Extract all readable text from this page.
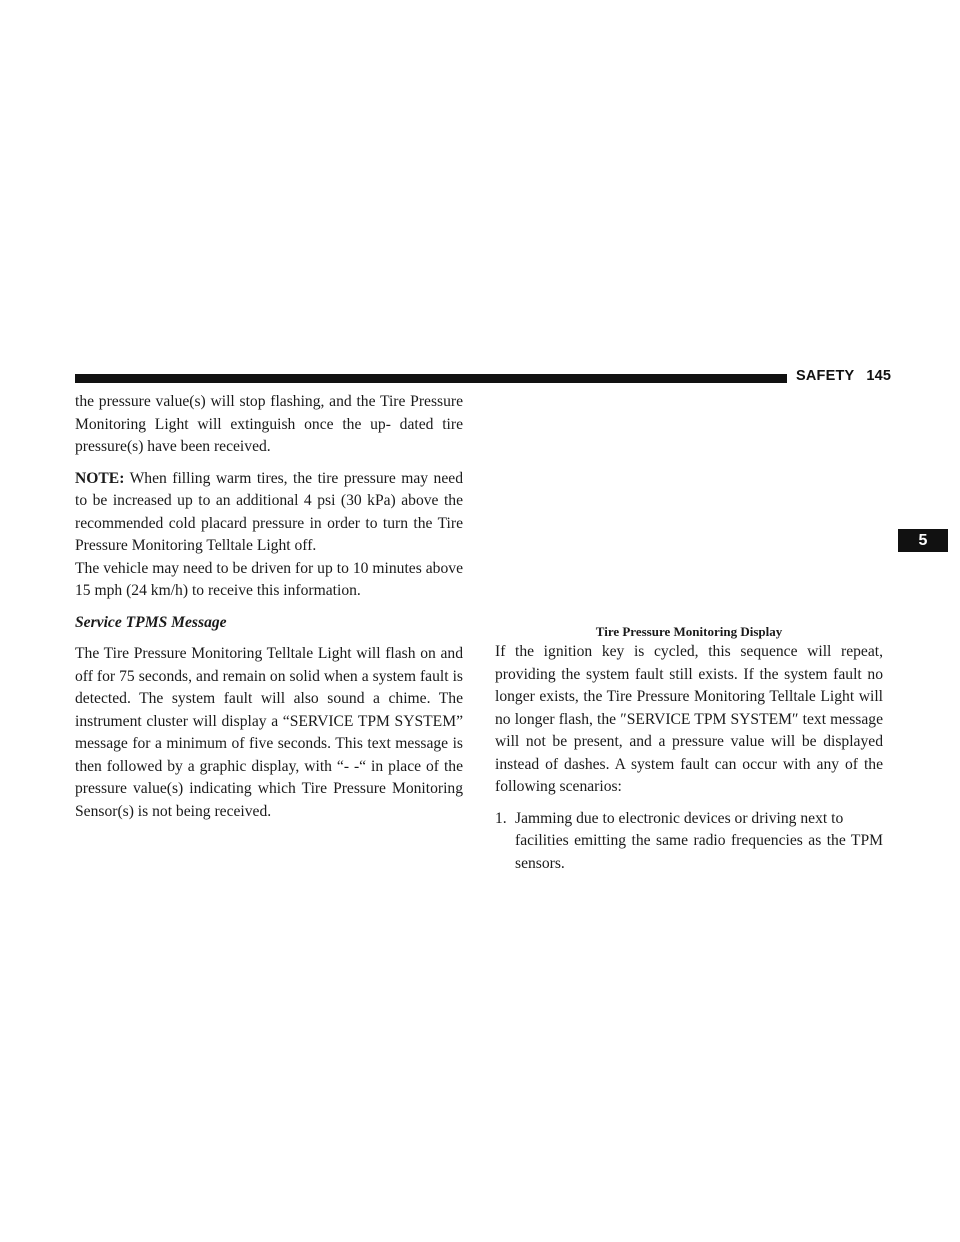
SAFETY 145
5

the pressure value(s) will stop flashing, and the Tire Pressure Monitoring Light will extinguish once the up- dated tire pressure(s) have been received.

NOTE: When filling warm tires, the tire pressure may need to be increased up to an additional 4 psi (30 kPa) above the recommended cold placard pressure in order to turn the Tire Pressure Monitoring Telltale Light off.

The vehicle may need to be driven for up to 10 minutes above 15 mph (24 km/h) to receive this information.

Service TPMS Message

The Tire Pressure Monitoring Telltale Light will flash on and off for 75 seconds, and remain on solid when a system fault is detected. The system fault will also sound a chime. The instrument cluster will display a “SERVICE TPM SYSTEM” message for a minimum of five seconds. This text message is then followed by a graphic display, with “- -“ in place of the pressure value(s) indicating which Tire Pressure Monitoring Sensor(s) is not being received.

Tire Pressure Monitoring Display

If the ignition key is cycled, this sequence will repeat, providing the system fault still exists. If the system fault no longer exists, the Tire Pressure Monitoring Telltale Light will no longer flash, the ″SERVICE TPM SYSTEM″ text message will not be present, and a pressure value will be displayed instead of dashes. A system fault can occur with any of the following scenarios:

1. Jamming due to electronic devices or driving next to
facilities emitting the same radio frequencies as the TPM sensors.
